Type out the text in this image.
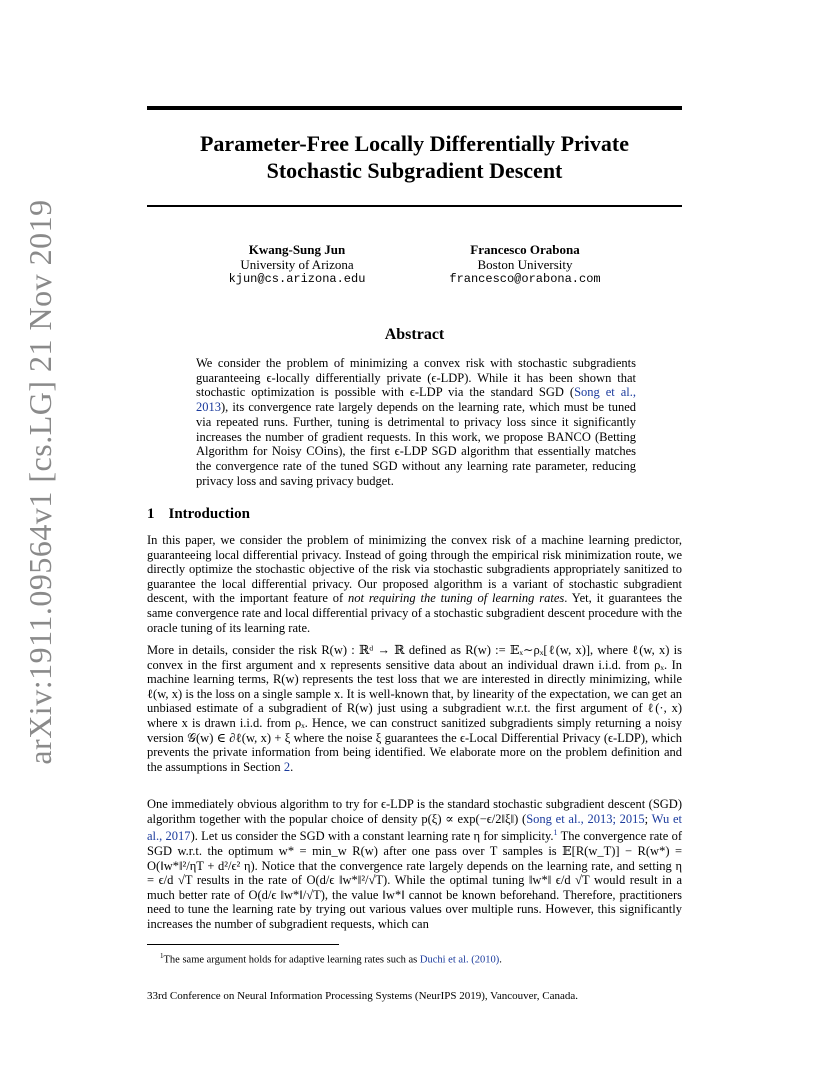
arXiv:1911.09564v1 [cs.LG] 21 Nov 2019
Parameter-Free Locally Differentially Private
Stochastic Subgradient Descent
Kwang-Sung Jun
University of Arizona
kjun@cs.arizona.edu
Francesco Orabona
Boston University
francesco@orabona.com
Abstract
We consider the problem of minimizing a convex risk with stochastic subgradients guaranteeing ϵ-locally differentially private (ϵ-LDP). While it has been shown that stochastic optimization is possible with ϵ-LDP via the standard SGD (Song et al., 2013), its convergence rate largely depends on the learning rate, which must be tuned via repeated runs. Further, tuning is detrimental to privacy loss since it significantly increases the number of gradient requests. In this work, we propose BANCO (Betting Algorithm for Noisy COins), the first ϵ-LDP SGD algorithm that essentially matches the convergence rate of the tuned SGD without any learning rate parameter, reducing privacy loss and saving privacy budget.
1 Introduction
In this paper, we consider the problem of minimizing the convex risk of a machine learning predictor, guaranteeing local differential privacy. Instead of going through the empirical risk minimization route, we directly optimize the stochastic objective of the risk via stochastic subgradients appropriately sanitized to guarantee the local differential privacy. Our proposed algorithm is a variant of stochastic subgradient descent, with the important feature of not requiring the tuning of learning rates. Yet, it guarantees the same convergence rate and local differential privacy of a stochastic subgradient descent procedure with the oracle tuning of its learning rate.
More in details, consider the risk R(w) : ℝᵈ → ℝ defined as R(w) := 𝔼ₓ∼ρₓ[ℓ(w, x)], where ℓ(w, x) is convex in the first argument and x represents sensitive data about an individual drawn i.i.d. from ρₓ. In machine learning terms, R(w) represents the test loss that we are interested in directly minimizing, while ℓ(w, x) is the loss on a single sample x. It is well-known that, by linearity of the expectation, we can get an unbiased estimate of a subgradient of R(w) just using a subgradient w.r.t. the first argument of ℓ(·, x) where x is drawn i.i.d. from ρₓ. Hence, we can construct sanitized subgradients simply returning a noisy version 𝒢(w) ∈ ∂ℓ(w, x) + ξ where the noise ξ guarantees the ϵ-Local Differential Privacy (ϵ-LDP), which prevents the private information from being identified. We elaborate more on the problem definition and the assumptions in Section 2.
One immediately obvious algorithm to try for ϵ-LDP is the standard stochastic subgradient descent (SGD) algorithm together with the popular choice of density p(ξ) ∝ exp(−ϵ/2‖ξ‖) (Song et al., 2013; 2015; Wu et al., 2017). Let us consider the SGD with a constant learning rate η for simplicity.$^1$ The convergence rate of SGD w.r.t. the optimum w* = min_w R(w) after one pass over T samples is 𝔼[R(w_T)] − R(w*) = O(‖w*‖²/ηT + d²/ϵ² η). Notice that the convergence rate largely depends on the learning rate, and setting η = ϵ/d √T results in the rate of O(d/ϵ ‖w*‖²/√T). While the optimal tuning ‖w*‖ ϵ/d √T would result in a much better rate of O(d/ϵ ‖w*‖/√T), the value ‖w*‖ cannot be known beforehand. Therefore, practitioners need to tune the learning rate by trying out various values over multiple runs. However, this significantly increases the number of subgradient requests, which can
$^1$The same argument holds for adaptive learning rates such as Duchi et al. (2010).
33rd Conference on Neural Information Processing Systems (NeurIPS 2019), Vancouver, Canada.
